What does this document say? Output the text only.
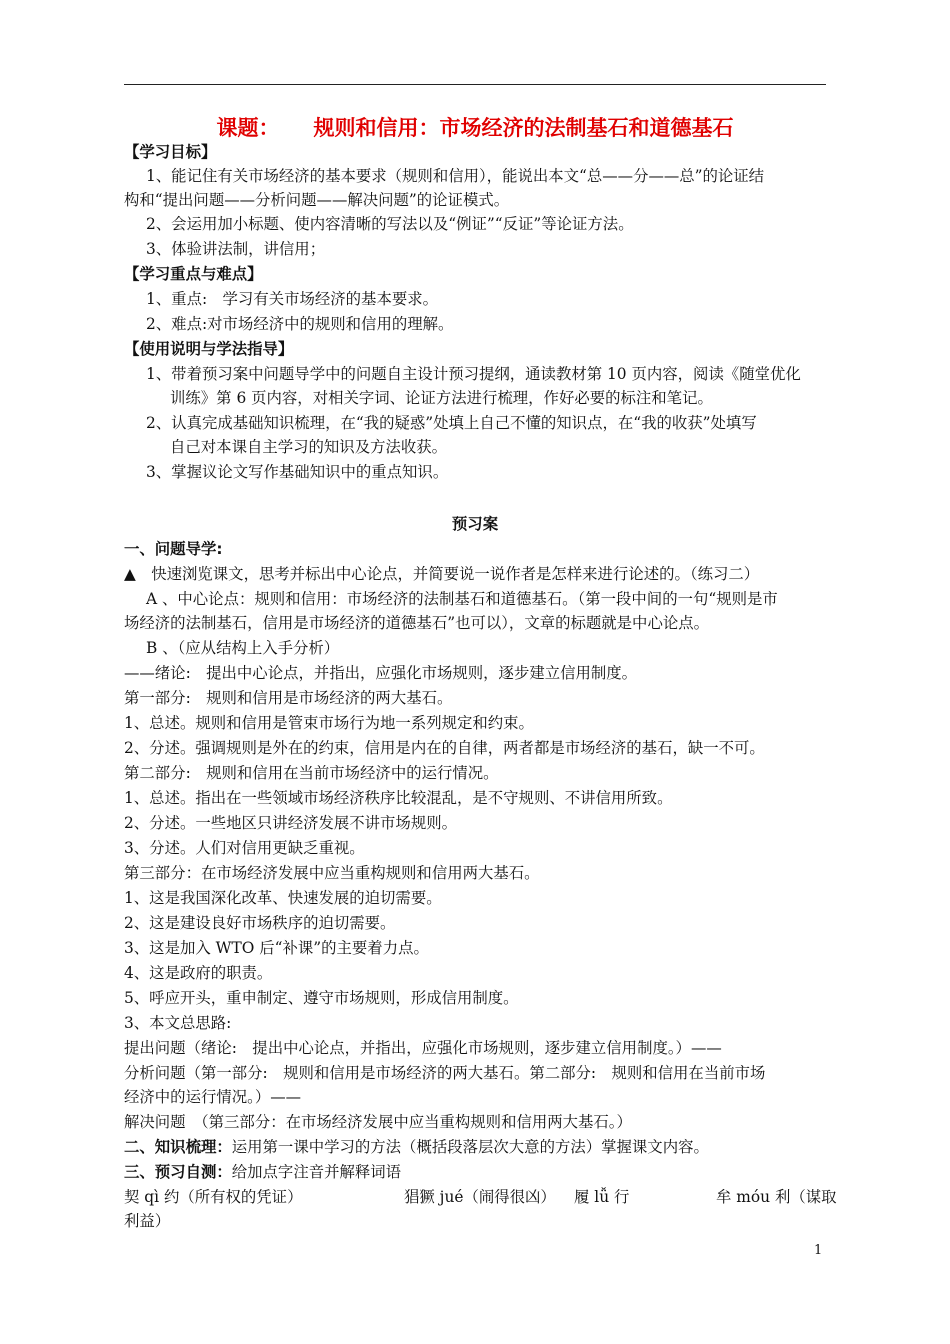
课题： 规则和信用：市场经济的法制基石和道德基石
【学习目标】
1、能记住有关市场经济的基本要求（规则和信用），能说出本文“总——分——总”的论证结
构和“提出问题——分析问题——解决问题”的论证模式。
2、会运用加小标题、使内容清晰的写法以及“例证”“反证”等论证方法。
3、体验讲法制，讲信用；
【学习重点与难点】
1、重点:　学习有关市场经济的基本要求。
2、难点:对市场经济中的规则和信用的理解。
【使用说明与学法指导】
1、带着预习案中问题导学中的问题自主设计预习提纲，通读教材第 10 页内容，阅读《随堂优化
训练》第 6 页内容，对相关字词、论证方法进行梳理，作好必要的标注和笔记。
2、认真完成基础知识梳理，在“我的疑惑”处填上自己不懂的知识点，在“我的收获”处填写
自己对本课自主学习的知识及方法收获。
3、掌握议论文写作基础知识中的重点知识。
预习案
一、问题导学:
▲　快速浏览课文，思考并标出中心论点，并简要说一说作者是怎样来进行论述的。（练习二）
A 、中心论点：规则和信用：市场经济的法制基石和道德基石。（第一段中间的一句“规则是市
场经济的法制基石，信用是市场经济的道德基石”也可以），文章的标题就是中心论点。
B 、（应从结构上入手分析）
——绪论:　提出中心论点，并指出，应强化市场规则，逐步建立信用制度。
第一部分:　规则和信用是市场经济的两大基石。
1、总述。规则和信用是管束市场行为地一系列规定和约束。
2、分述。强调规则是外在的约束，信用是内在的自律，两者都是市场经济的基石，缺一不可。
第二部分:　规则和信用在当前市场经济中的运行情况。
1、总述。指出在一些领域市场经济秩序比较混乱，是不守规则、不讲信用所致。
2、分述。一些地区只讲经济发展不讲市场规则。
3、分述。人们对信用更缺乏重视。
第三部分：在市场经济发展中应当重构规则和信用两大基石。
1、这是我国深化改革、快速发展的迫切需要。
2、这是建设良好市场秩序的迫切需要。
3、这是加入 WTO 后“补课”的主要着力点。
4、这是政府的职责。
5、呼应开头，重申制定、遵守市场规则，形成信用制度。
3、本文总思路:
提出问题（绪论:　提出中心论点，并指出，应强化市场规则，逐步建立信用制度。）——
分析问题（第一部分:　规则和信用是市场经济的两大基石。第二部分:　规则和信用在当前市场
经济中的运行情况。）——
解决问题　（第三部分：在市场经济发展中应当重构规则和信用两大基石。）
二、知识梳理：运用第一课中学习的方法（概括段落层次大意的方法）掌握课文内容。
三、预习自测：给加点字注音并解释词语
契 qì 约（所有权的凭证）	猖獗 jué（闹得很凶） 履 lǚ 行	牟 móu 利（谋取
利益）
1
